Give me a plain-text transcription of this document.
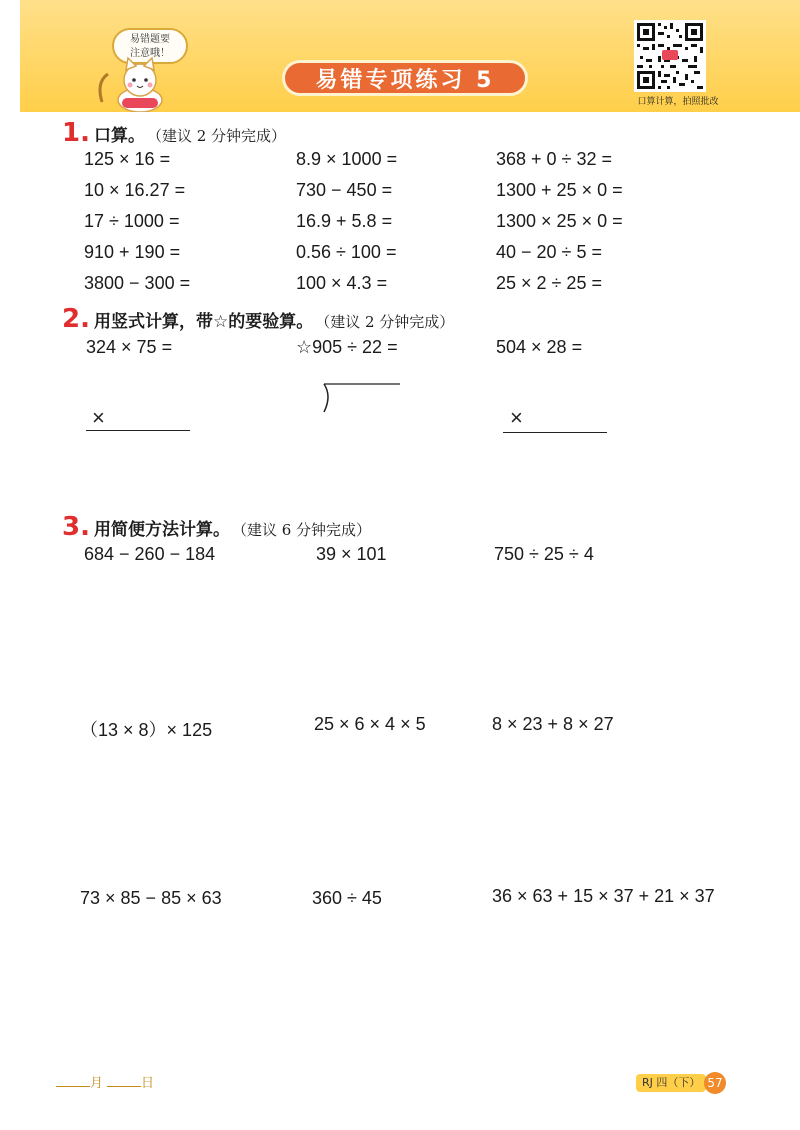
易错题要
注意哦！
易错专项练习 5
口算计算，拍照批改
1. 口算。 （建议 2 分钟完成）
125 × 16 =	8.9 × 1000 =	368 + 0 ÷ 32 =
10 × 16.27 =	730 − 450 =	1300 + 25 × 0 =
17 ÷ 1000 =	16.9 + 5.8 =	1300 × 25 × 0 =
910 + 190 =	0.56 ÷ 100 =	40 − 20 ÷ 5 =
3800 − 300 =	100 × 4.3 =	25 × 2 ÷ 25 =
2. 用竖式计算，带☆的要验算。 （建议 2 分钟完成）
324 × 75 =	☆905 ÷ 22 =	504 × 28 =
×	×
3. 用简便方法计算。 （建议 6 分钟完成）
684 − 260 − 184	39 × 101	750 ÷ 25 ÷ 4
（13 × 8）× 125	25 × 6 × 4 × 5	8 × 23 + 8 × 27
73 × 85 − 85 × 63	360 ÷ 45	36 × 63 + 15 × 37 + 21 × 37
月	日	RJ 四（下） 57
